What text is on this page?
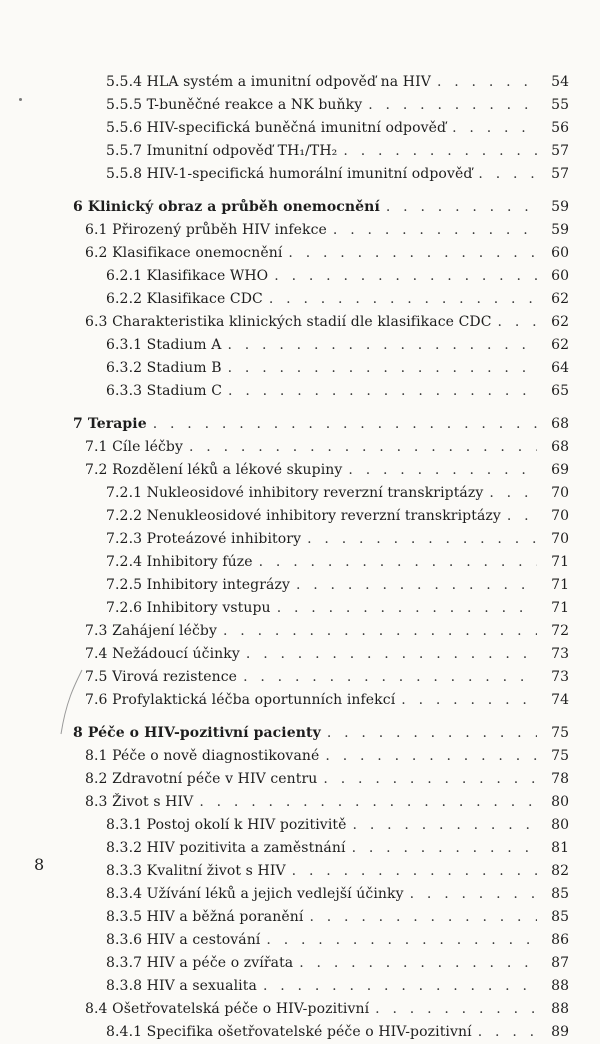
5.5.4 HLA systém a imunitní odpověď na HIV . . .	54
5.5.5 T-buněčné reakce a NK buňky . . .	55
5.5.6 HIV-specifická buněčná imunitní odpověď . . .	56
5.5.7 Imunitní odpověď TH₁/TH₂ . . .	57
5.5.8 HIV-1-specifická humorální imunitní odpověď . . .	57
6 Klinický obraz a průběh onemocnění . . .	59
6.1 Přirozený průběh HIV infekce . . .	59
6.2 Klasifikace onemocnění . . .	60
6.2.1 Klasifikace WHO . . .	60
6.2.2 Klasifikace CDC . . .	62
6.3 Charakteristika klinických stadií dle klasifikace CDC . . .	62
6.3.1 Stadium A . . .	62
6.3.2 Stadium B . . .	64
6.3.3 Stadium C . . .	65
7 Terapie . . .	68
7.1 Cíle léčby . . .	68
7.2 Rozdělení léků a lékové skupiny . . .	69
7.2.1 Nukleosidové inhibitory reverzní transkriptázy . . .	70
7.2.2 Nenukleosidové inhibitory reverzní transkriptázy . . .	70
7.2.3 Proteázové inhibitory . . .	70
7.2.4 Inhibitory fúze . . .	71
7.2.5 Inhibitory integrázy . . .	71
7.2.6 Inhibitory vstupu . . .	71
7.3 Zahájení léčby . . .	72
7.4 Nežádoucí účinky . . .	73
7.5 Virová rezistence . . .	73
7.6 Profylaktická léčba oportunních infekcí . . .	74
8 Péče o HIV-pozitivní pacienty . . .	75
8.1 Péče o nově diagnostikované . . .	75
8.2 Zdravotní péče v HIV centru . . .	78
8.3 Život s HIV . . .	80
8.3.1 Postoj okolí k HIV pozitivitě . . .	80
8.3.2 HIV pozitivita a zaměstnání . . .	81
8.3.3 Kvalitní život s HIV . . .	82
8.3.4 Užívání léků a jejich vedlejší účinky . . .	85
8.3.5 HIV a běžná poranění . . .	85
8.3.6 HIV a cestování . . .	86
8.3.7 HIV a péče o zvířata . . .	87
8.3.8 HIV a sexualita . . .	88
8.4 Ošetřovatelská péče o HIV-pozitivní . . .	88
8.4.1 Specifika ošetřovatelské péče o HIV-pozitivní . . .	89
8
